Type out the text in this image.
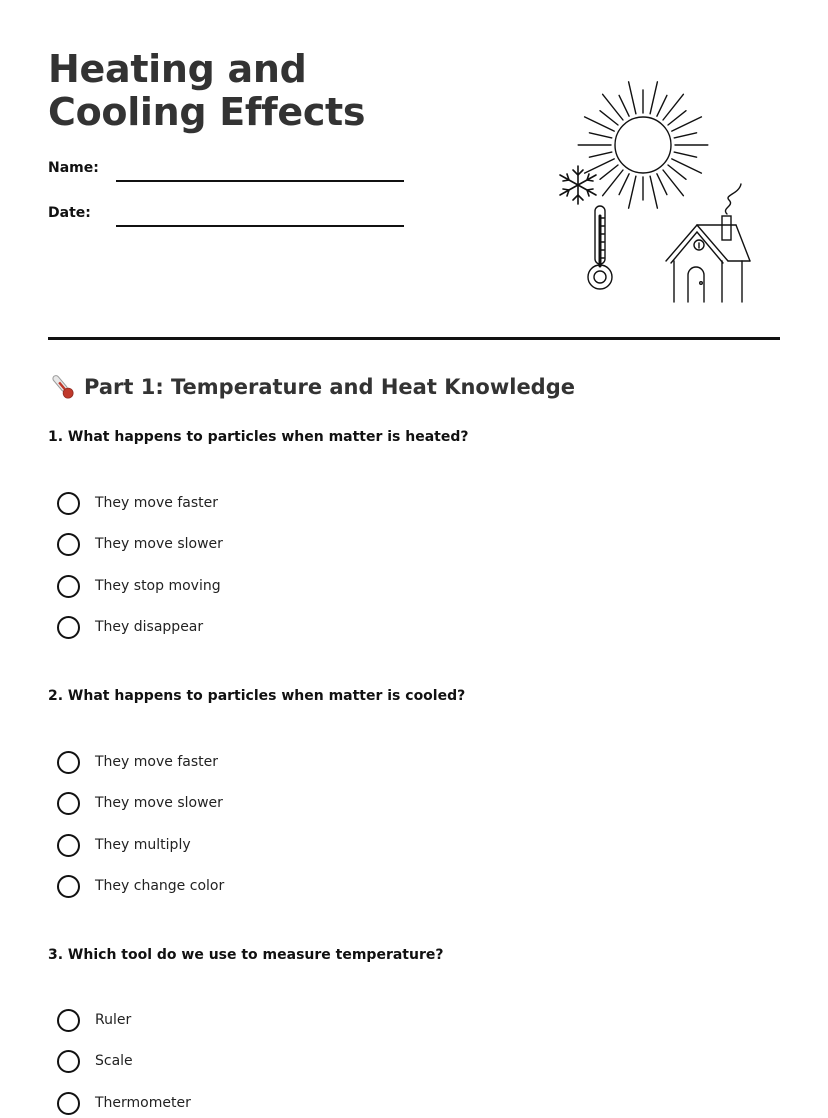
Heating and Cooling Effects
Name:
Date:
Part 1: Temperature and Heat Knowledge

1. What happens to particles when matter is heated?

They move faster
They move slower
They stop moving
They disappear

2. What happens to particles when matter is cooled?

They move faster
They move slower
They multiply
They change color

3. Which tool do we use to measure temperature?

Ruler
Scale
Thermometer
